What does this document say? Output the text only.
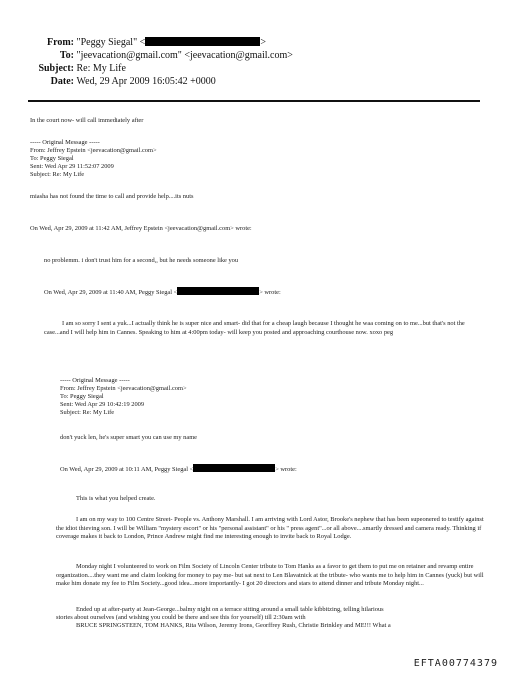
From: "Peggy Siegal" <	>
To: "jeevacation@gmail.com" <jeevacation@gmail.com>
Subject: Re: My Life
Date: Wed, 29 Apr 2009 16:05:42 +0000
In the court now- will call immediately after
----- Original Message -----
From: Jeffrey Epstein <jeevacation@gmail.com>
To: Peggy Siegal
Sent: Wed Apr 29 11:52:07 2009
Subject: Re: My Life
miasha has not found the time to call and provide help....its nuts
On Wed, Apr 29, 2009 at 11:42 AM, Jeffrey Epstein <jeevacation@gmail.com> wrote:
no problemm. i don't trust him for a second,, but he needs someone like you
On Wed, Apr 29, 2009 at 11:40 AM, Peggy Siegal <	> wrote:
I am so sorry I sent a yuk...I actually think he is super nice and smart- did that for a cheap laugh because I thought he waa coming on to me...but that's not the case...and I will help him in Cannes. Speaking to him at 4:00pm today- will keep you posted and approaching courthouse now. xoxo peg
----- Original Message -----
From: Jeffrey Epstein <jeevacation@gmail.com>
To: Peggy Siegal
Sent: Wed Apr 29 10:42:19 2009
Subject: Re: My Life
don't yuck len, he's super smart you can use my name
On Wed, Apr 29, 2009 at 10:11 AM, Peggy Siegal <	> wrote:
This is what you helped create.
I am on my way to 100 Centre Street- People vs. Anthony Marshall. I am arriving with Lord Astor, Brooke's nephew that has been supeonered to testify against the idiot thieving son. I will be William "mystery escort" or his "personal assistant" or his " press agent"...or all above....smartly dressed and camera ready. Thinking if coverage makes it back to London, Prince Andrew might find me interesting enough to invite back to Royal Lodge.
Monday night I volunteered to work on Film Society of Lincoln Center tribute to Tom Hanks as a favor to get them to put me on retainer and revamp entire organization....they want me and claim looking for money to pay me- but sat next to Len Blavatnick at the tribute- who wants me to help him in Cannes (yuck) but will make him donate my fee to Film Society...good idea...more importantly- I got 20 directors and stars to attend dinner and tribute Monday night...
Ended up at after-party at Jean-George...balmy night on a terrace sitting around a small table kibbitzing, telling hilarious
stories about ourselves (and wishing you could be there and see this for yourself) till 2:30am with
BRUCE SPRINGSTEEN, TOM HANKS, Rita Wilson, Jeremy Irons, Georffrey Rush, Christie Brinkley and ME!!! What a
EFTA00774379
